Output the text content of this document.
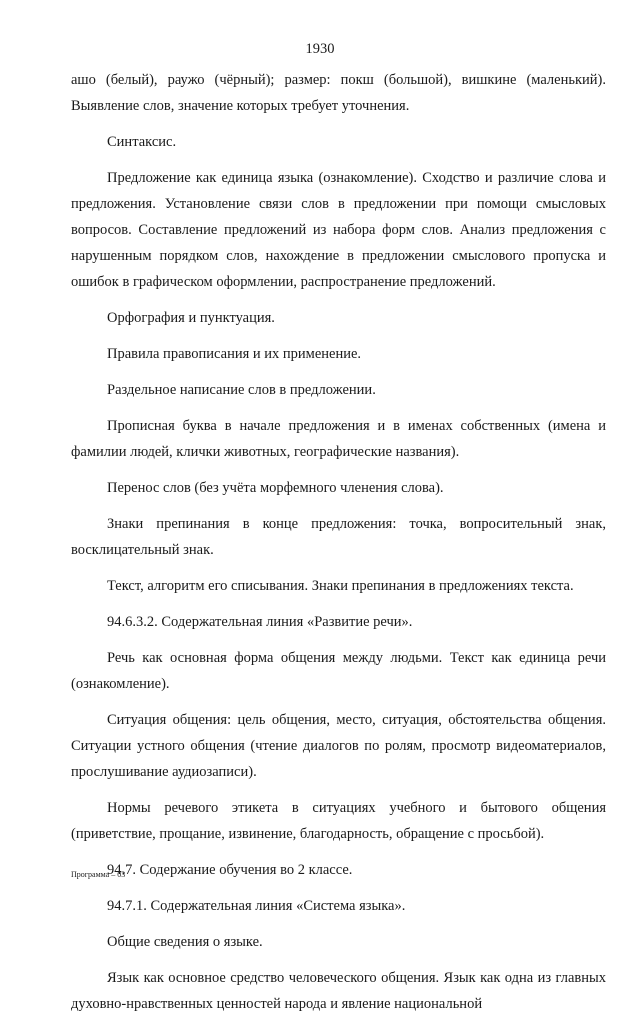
1930

ашо (белый), раужо (чёрный); размер: покш (большой), вишкине (маленький). Выявление слов, значение которых требует уточнения.

Синтаксис.

Предложение как единица языка (ознакомление). Сходство и различие слова и предложения. Установление связи слов в предложении при помощи смысловых вопросов. Составление предложений из набора форм слов. Анализ предложения с нарушенным порядком слов, нахождение в предложении смыслового пропуска и ошибок в графическом оформлении, распространение предложений.

Орфография и пунктуация.

Правила правописания и их применение.

Раздельное написание слов в предложении.

Прописная буква в начале предложения и в именах собственных (имена и фамилии людей, клички животных, географические названия).

Перенос слов (без учёта морфемного членения слова).

Знаки препинания в конце предложения: точка, вопросительный знак, восклицательный знак.

Текст, алгоритм его списывания. Знаки препинания в предложениях текста.

94.6.3.2. Содержательная линия «Развитие речи».

Речь как основная форма общения между людьми. Текст как единица речи (ознакомление).

Ситуация общения: цель общения, место, ситуация, обстоятельства общения. Ситуации устного общения (чтение диалогов по ролям, просмотр видеоматериалов, прослушивание аудиозаписи).

Нормы речевого этикета в ситуациях учебного и бытового общения (приветствие, прощание, извинение, благодарность, обращение с просьбой).

94.7. Содержание обучения во 2 классе.

94.7.1. Содержательная линия «Система языка».

Общие сведения о языке.

Язык как основное средство человеческого общения. Язык как одна из главных духовно-нравственных ценностей народа и явление национальной

Программа – 03
